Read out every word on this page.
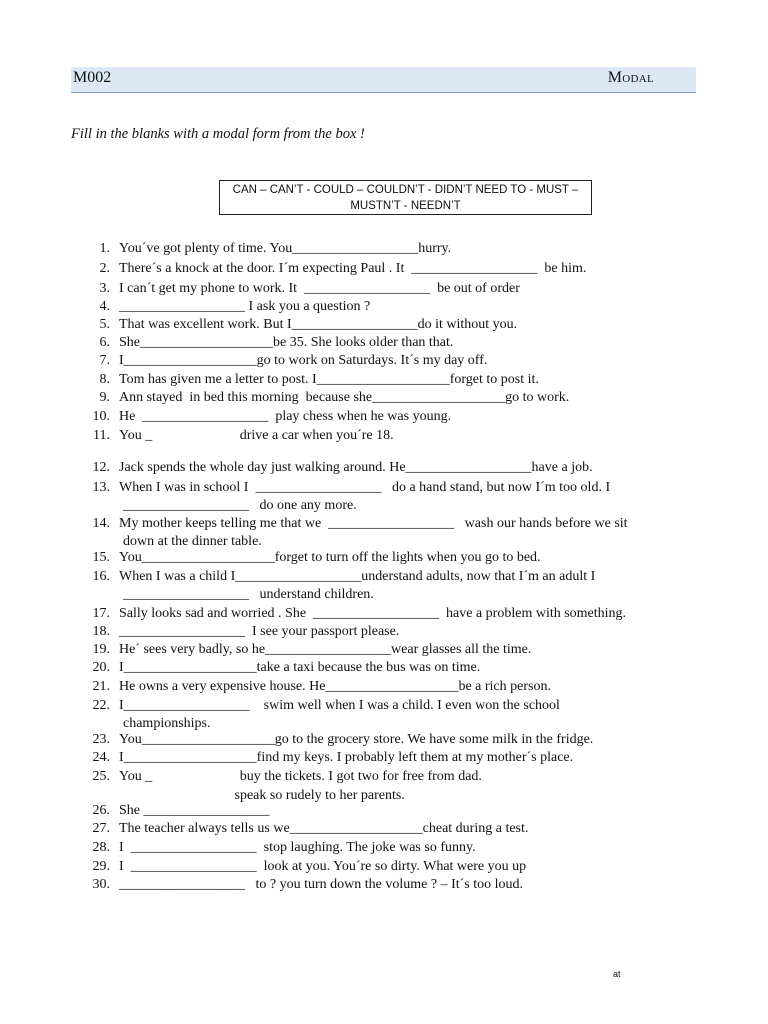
M002	Modal
Fill in the blanks with a modal form from the box !
CAN – CAN’T - COULD – COULDN’T - DIDN’T NEED TO - MUST –
MUSTN’T - NEEDN’T
1. You´ve got plenty of time. You__________________hurry.
2. There´s a knock at the door. I´m expecting Paul . It  __________________  be him.
3. I can´t get my phone to work. It  __________________  be out of order
4. __________________ I ask you a question ?
5. That was excellent work. But I__________________do it without you.
6. She___________________be 35. She looks older than that.
7. I___________________go to work on Saturdays. It´s my day off.
8. Tom has given me a letter to post. I___________________forget to post it.
9. Ann stayed  in bed this morning  because she___________________go to work.
10. He  __________________  play chess when he was young.
11. You _                         drive a car when you´re 18.
12. Jack spends the whole day just walking around. He__________________have a job.
13. When I was in school I  __________________   do a hand stand, but now I´m too old. I
__________________   do one any more.
14. My mother keeps telling me that we  __________________   wash our hands before we sit
down at the dinner table.
15. You___________________forget to turn off the lights when you go to bed.
16. When I was a child I__________________understand adults, now that I´m an adult I
__________________   understand children.
17. Sally looks sad and worried . She  __________________  have a problem with something.
18. __________________  I see your passport please.
19. He´ sees very badly, so he__________________wear glasses all the time.
20. I___________________take a taxi because the bus was on time.
21. He owns a very expensive house. He___________________be a rich person.
22. I__________________    swim well when I was a child. I even won the school
championships.
23. You___________________go to the grocery store. We have some milk in the fridge.
24. I___________________find my keys. I probably left them at my mother´s place.
25. You _                         buy the tickets. I got two for free from dad.
speak so rudely to her parents.
26. She __________________
27. The teacher always tells us we___________________cheat during a test.
28. I  __________________  stop laughing. The joke was so funny.
29. I  __________________  look at you. You´re so dirty. What were you up
30. __________________   to ? you turn down the volume ? – It´s too loud.
at
